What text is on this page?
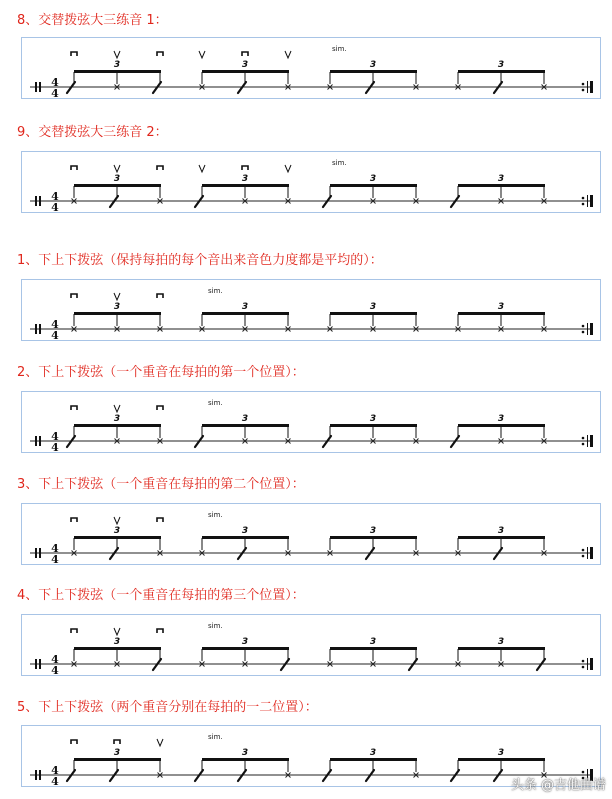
8、交替拨弦大三练音 1：

4
4
3	3	3	3
sim.

9、交替拨弦大三练音 2：

4
4
3	3	3	3
sim.

1、下上下拨弦（保持每拍的每个音出来音色力度都是平均的）：

4
4
3	3	3	3
sim.

2、下上下拨弦（一个重音在每拍的第一个位置）：

4
4
3	3	3	3
sim.

3、下上下拨弦（一个重音在每拍的第二个位置）：

4
4
3	3	3	3
sim.

4、下上下拨弦（一个重音在每拍的第三个位置）：

4
4
3	3	3	3
sim.

5、下上下拨弦（两个重音分别在每拍的一二位置）：

4
4
3	3	3	3
sim.
头条 @吉他曲谱
